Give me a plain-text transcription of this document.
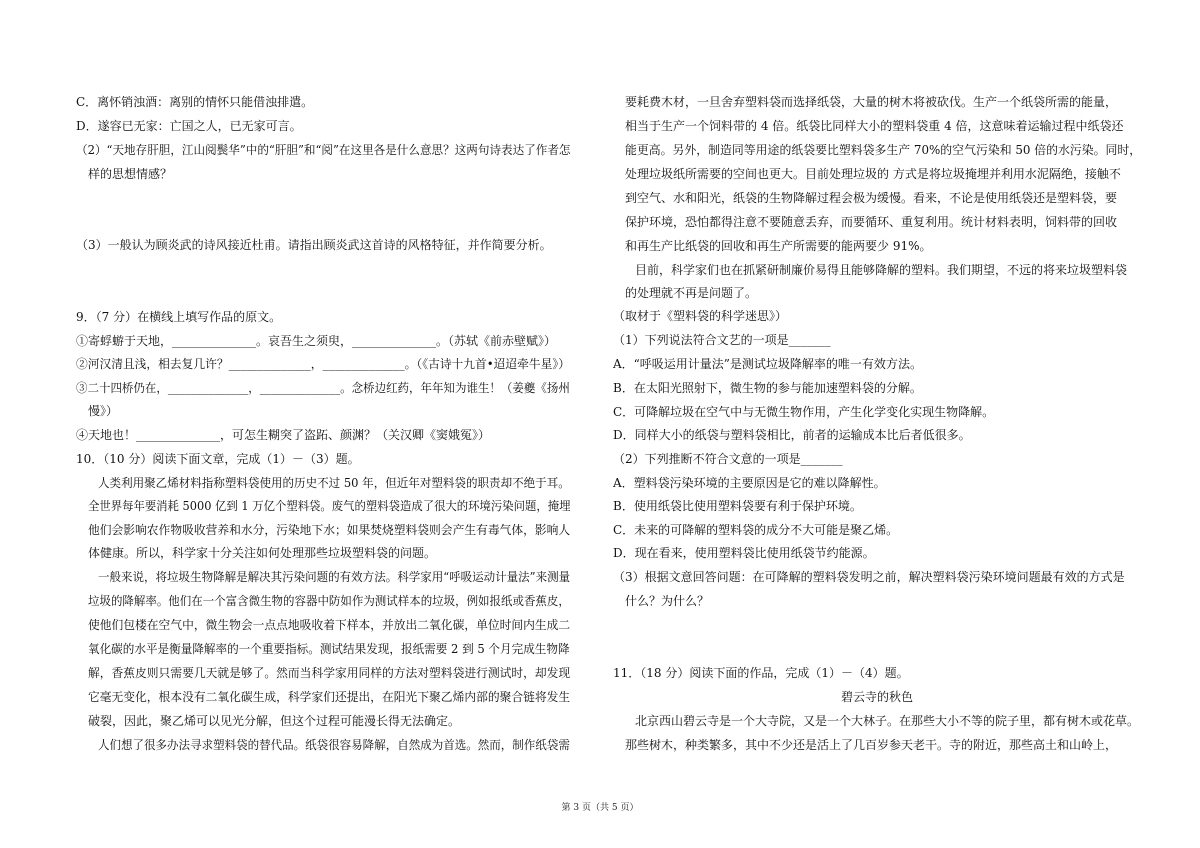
C．离怀销浊酒：离别的情怀只能借浊排遣。
D．遂容已无家：亡国之人，已无家可言。
（2）“天地存肝胆，江山阅鬓华”中的“肝胆”和“阅”在这里各是什么意思？这两句诗表达了作者怎
样的思想情感？
（3）一般认为顾炎武的诗风接近杜甫。请指出顾炎武这首诗的风格特征，并作简要分析。
9．（7 分）在横线上填写作品的原文。
①寄蜉蝣于天地，______________。哀吾生之须臾，______________。（苏轼《前赤壁赋》）
②河汉清且浅，相去复几许？______________，______________。（《古诗十九首•迢迢牵牛星》）
③二十四桥仍在，______________，______________。念桥边红药，年年知为谁生！（姜夔《扬州
慢》）
④天地也！______________，可怎生糊突了盗跖、颜渊？（关汉卿《窦娥冤》）
10．（10 分）阅读下面文章，完成（1）－（3）题。
人类利用聚乙烯材料指称塑料袋使用的历史不过 50 年，但近年对塑料袋的职责却不绝于耳。
全世界每年要消耗 5000 亿到 1 万亿个塑料袋。废气的塑料袋造成了很大的环境污染问题，掩埋
他们会影响农作物吸收营养和水分，污染地下水；如果焚烧塑料袋则会产生有毒气体，影响人
体健康。所以，科学家十分关注如何处理那些垃圾塑料袋的问题。
一般来说，将垃圾生物降解是解决其污染问题的有效方法。科学家用“呼吸运动计量法”来测量
垃圾的降解率。他们在一个富含微生物的容器中防如作为测试样本的垃圾，例如报纸或香蕉皮，
使他们包楼在空气中，微生物会一点点地吸收着下样本，并放出二氧化碳，单位时间内生成二
氧化碳的水平是衡量降解率的一个重要指标。测试结果发现，报纸需要 2 到 5 个月完成生物降
解，香蕉皮则只需要几天就是够了。然而当科学家用同样的方法对塑料袋进行测试时，却发现
它毫无变化，根本没有二氧化碳生成，科学家们还提出，在阳光下聚乙烯内部的聚合链将发生
破裂，因此，聚乙烯可以见光分解，但这个过程可能漫长得无法确定。
人们想了很多办法寻求塑料袋的替代品。纸袋很容易降解，自然成为首选。然而，制作纸袋需
要耗费木材，一旦舍弃塑料袋而选择纸袋，大量的树木将被砍伐。生产一个纸袋所需的能量，
相当于生产一个饲料带的 4 倍。纸袋比同样大小的塑料袋重 4 倍，这意味着运输过程中纸袋还
能更高。另外，制造同等用途的纸袋要比塑料袋多生产 70%的空气污染和 50 倍的水污染。同时，
处理垃圾纸所需要的空间也更大。目前处理垃圾的 方式是将垃圾掩埋并利用水泥隔绝，接触不
到空气、水和阳光，纸袋的生物降解过程会极为缓慢。看来，不论是使用纸袋还是塑料袋，要
保护环境，恐怕都得注意不要随意丢弃，而要循环、重复利用。统计材料表明，饲料带的回收
和再生产比纸袋的回收和再生产所需要的能两要少 91%。
目前，科学家们也在抓紧研制廉价易得且能够降解的塑料。我们期望，不远的将来垃圾塑料袋
的处理就不再是问题了。
（取材于《塑料袋的科学迷思》）
（1）下列说法符合文艺的一项是_______
A．“呼吸运用计量法”是测试垃圾降解率的唯一有效方法。
B．在太阳光照射下，微生物的参与能加速塑料袋的分解。
C．可降解垃圾在空气中与无微生物作用，产生化学变化实现生物降解。
D．同样大小的纸袋与塑料袋相比，前者的运输成本比后者低很多。
（2）下列推断不符合文意的一项是_______
A．塑料袋污染环境的主要原因是它的难以降解性。
B．使用纸袋比使用塑料袋要有利于保护环境。
C．未来的可降解的塑料袋的成分不大可能是聚乙烯。
D．现在看来，使用塑料袋比使用纸袋节约能源。
（3）根据文意回答问题：在可降解的塑料袋发明之前，解决塑料袋污染环境问题最有效的方式是
什么？为什么？
11．（18 分）阅读下面的作品，完成（1）－（4）题。
碧云寺的秋色
北京西山碧云寺是一个大寺院，又是一个大林子。在那些大小不等的院子里，都有树木或花草。
那些树木，种类繁多，其中不少还是活上了几百岁参天老干。寺的附近，那些高土和山岭上，
第 3 页（共 5 页）
